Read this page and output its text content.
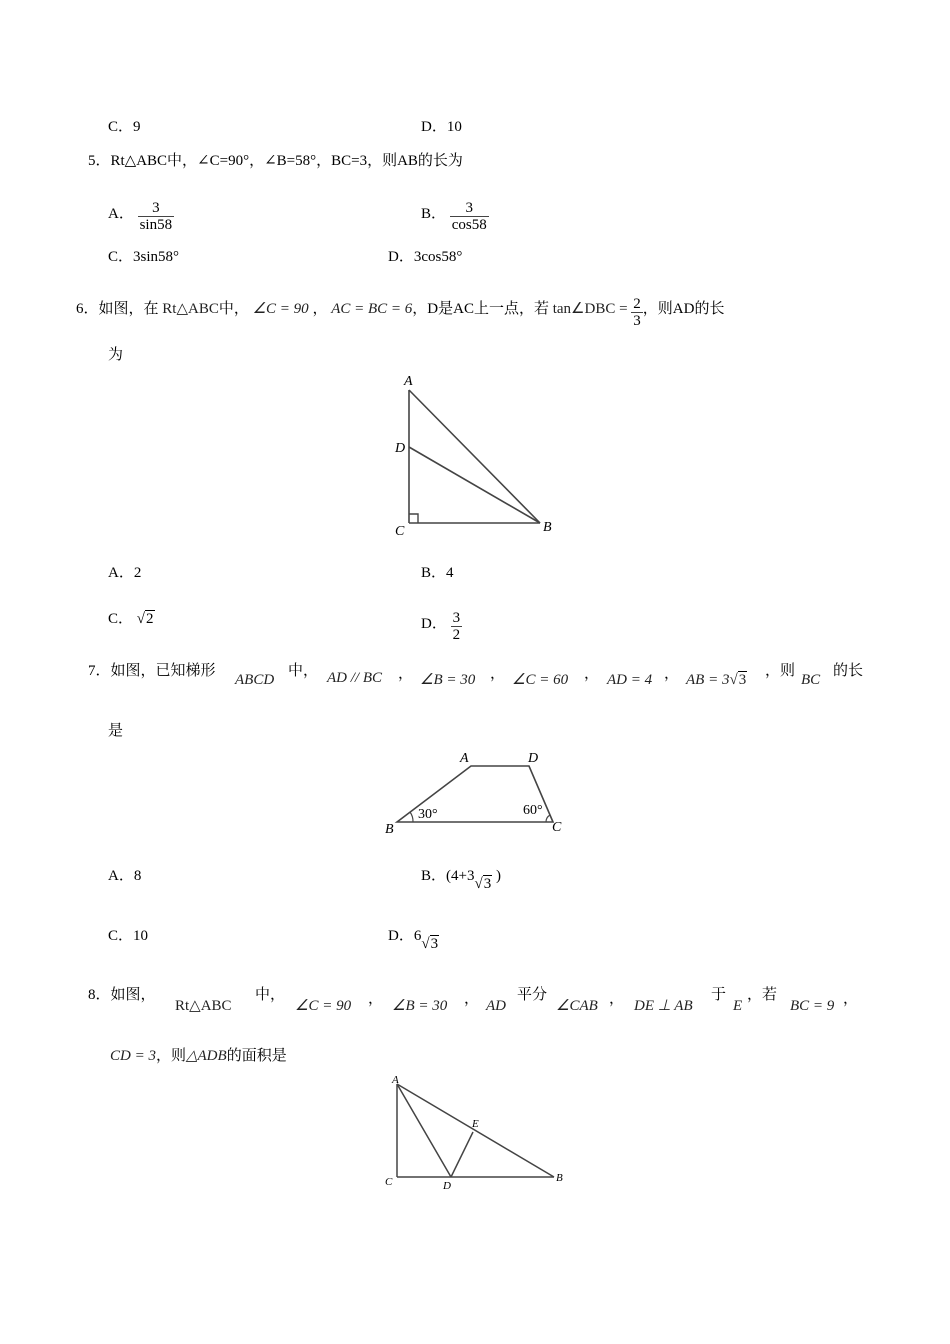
C．9	D．10
5．Rt△ABC中，∠C=90°，∠B=58°，BC=3，则AB的长为
A． $\frac{3}{\sin 58}$	B． $\frac{3}{\cos 58}$
C．3sin58°	D．3cos58°
6．如图，在 Rt△ABC中， ∠C = 90 ， AC = BC = 6，D是AC上一点，若 tan∠DBC = $\frac{2}{3}$ ，则AD的长
为
A
D
C	B
A．2	B．4
C． √2	D． $\frac{3}{2}$
7．如图，已知梯形
ABCD
中， AD // BC ， ∠B = 30 ， ∠C = 60 ， AD = 4 ， AB = 3√3
，则
BC
的长
是
A	D
B	C
30°	60°
A．8	B．(4+3√3 )
C．10	D．6√3
8．如图，
Rt△ABC
中，
∠C = 90 ， ∠B = 30 ， AD
平分
∠CAB ， DE ⊥ AB
于
E
，若
BC = 9 ，
CD = 3，则△ADB的面积是
A
C	D
E
B
